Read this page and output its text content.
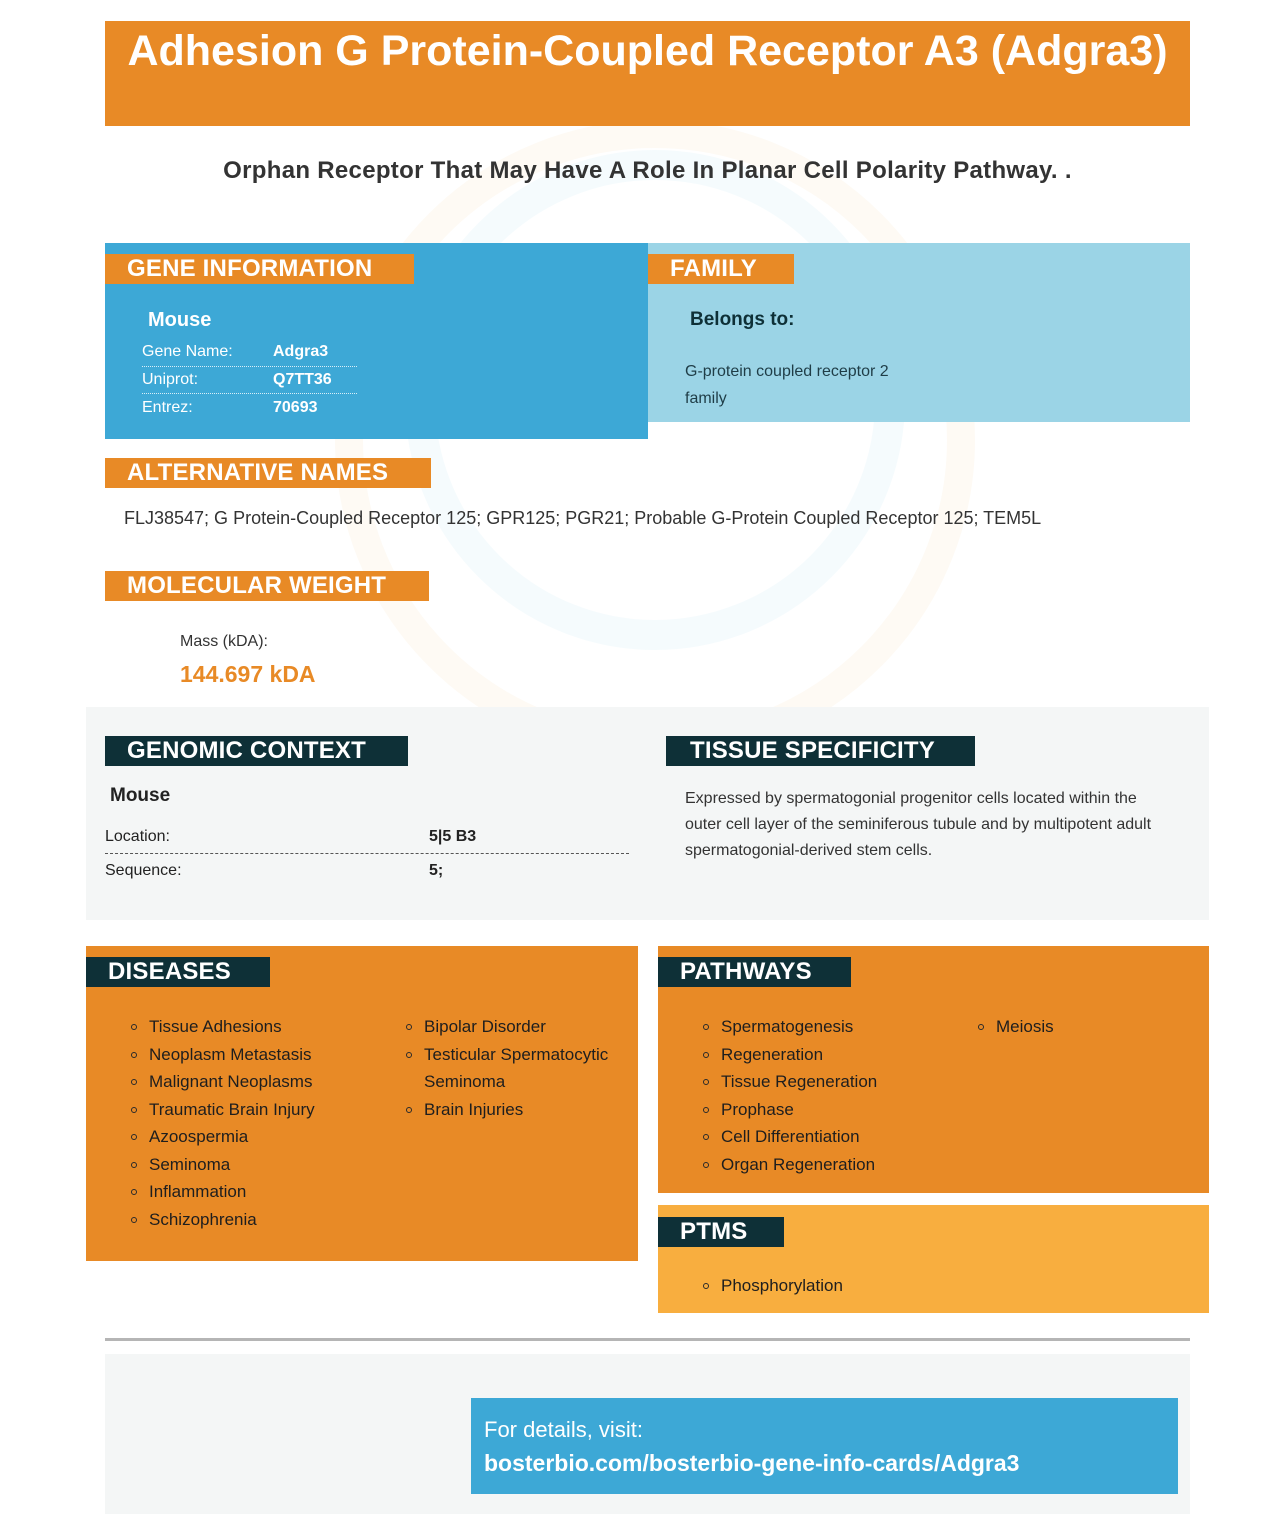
Adhesion G Protein-Coupled Receptor A3 (Adgra3)
Orphan Receptor That May Have A Role In Planar Cell Polarity Pathway. .
GENE INFORMATION
Mouse
Gene Name:	Adgra3
Uniprot:	Q7TT36
Entrez:	70693
FAMILY
Belongs to:
G-protein coupled receptor 2 family
ALTERNATIVE NAMES
FLJ38547; G Protein-Coupled Receptor 125; GPR125; PGR21; Probable G-Protein Coupled Receptor 125; TEM5L
MOLECULAR WEIGHT
Mass (kDA):
144.697 kDA
GENOMIC CONTEXT
Mouse
Location:	5|5 B3
Sequence:	5;
TISSUE SPECIFICITY
Expressed by spermatogonial progenitor cells located within the outer cell layer of the seminiferous tubule and by multipotent adult spermatogonial-derived stem cells.
DISEASES
Tissue Adhesions
Neoplasm Metastasis
Malignant Neoplasms
Traumatic Brain Injury
Azoospermia
Seminoma
Inflammation
Schizophrenia
Bipolar Disorder
Testicular Spermatocytic Seminoma
Brain Injuries
PATHWAYS
Spermatogenesis
Regeneration
Tissue Regeneration
Prophase
Cell Differentiation
Organ Regeneration
Meiosis
PTMS
Phosphorylation
For details, visit:
bosterbio.com/bosterbio-gene-info-cards/Adgra3
